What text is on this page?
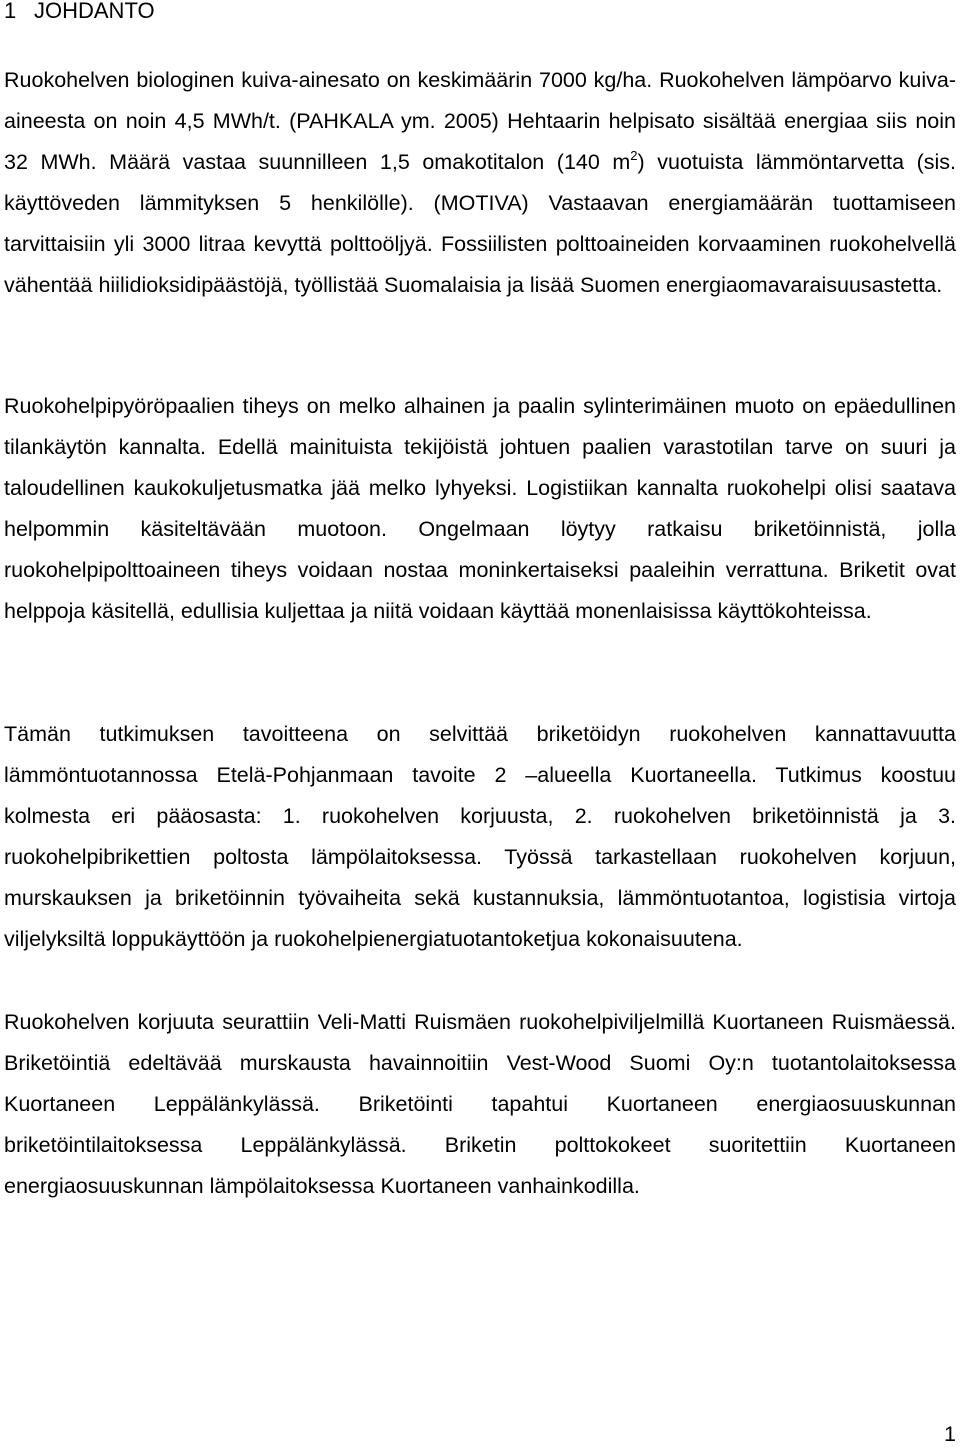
1 JOHDANTO
Ruokohelven biologinen kuiva-ainesato on keskimäärin 7000 kg/ha. Ruokohelven lämpöarvo kuiva-aineesta on noin 4,5 MWh/t. (PAHKALA ym. 2005) Hehtaarin helpisato sisältää energiaa siis noin 32 MWh. Määrä vastaa suunnilleen 1,5 omakotitalon (140 $m^2$) vuotuista lämmöntarvetta (sis. käyttöveden lämmityksen 5 henkilölle). (MOTIVA) Vastaavan energiamäärän tuottamiseen tarvittaisiin yli 3000 litraa kevyttä polttoöljyä. Fossiilisten polttoaineiden korvaaminen ruokohelvellä vähentää hiilidioksidipäästöjä, työllistää Suomalaisia ja lisää Suomen energiaomavaraisuusastetta.
Ruokohelpipyöröpaalien tiheys on melko alhainen ja paalin sylinterimäinen muoto on epäedullinen tilankäytön kannalta. Edellä mainituista tekijöistä johtuen paalien varastotilan tarve on suuri ja taloudellinen kaukokuljetusmatka jää melko lyhyeksi. Logistiikan kannalta ruokohelpi olisi saatava helpommin käsiteltävään muotoon. Ongelmaan löytyy ratkaisu briketöinnistä, jolla ruokohelpipolttoaineen tiheys voidaan nostaa moninkertaiseksi paaleihin verrattuna. Briketit ovat helppoja käsitellä, edullisia kuljettaa ja niitä voidaan käyttää monenlaisissa käyttökohteissa.
Tämän tutkimuksen tavoitteena on selvittää briketöidyn ruokohelven kannattavuutta lämmöntuotannossa Etelä-Pohjanmaan tavoite 2 –alueella Kuortaneella. Tutkimus koostuu kolmesta eri pääosasta: 1. ruokohelven korjuusta, 2. ruokohelven briketöinnistä ja 3. ruokohelpibrikettien poltosta lämpölaitoksessa. Työssä tarkastellaan ruokohelven korjuun, murskauksen ja briketöinnin työvaiheita sekä kustannuksia, lämmöntuotantoa, logistisia virtoja viljelyksiltä loppukäyttöön ja ruokohelpienergiatuotantoketjua kokonaisuutena.
Ruokohelven korjuuta seurattiin Veli-Matti Ruismäen ruokohelpiviljelmillä Kuortaneen Ruismäessä. Briketöintiä edeltävää murskausta havainnoitiin Vest-Wood Suomi Oy:n tuotantolaitoksessa Kuortaneen Leppälänkylässä. Briketöinti tapahtui Kuortaneen energiaosuuskunnan briketöintilaitoksessa Leppälänkylässä. Briketin polttokokeet suoritettiin Kuortaneen energiaosuuskunnan lämpölaitoksessa Kuortaneen vanhainkodilla.
1
